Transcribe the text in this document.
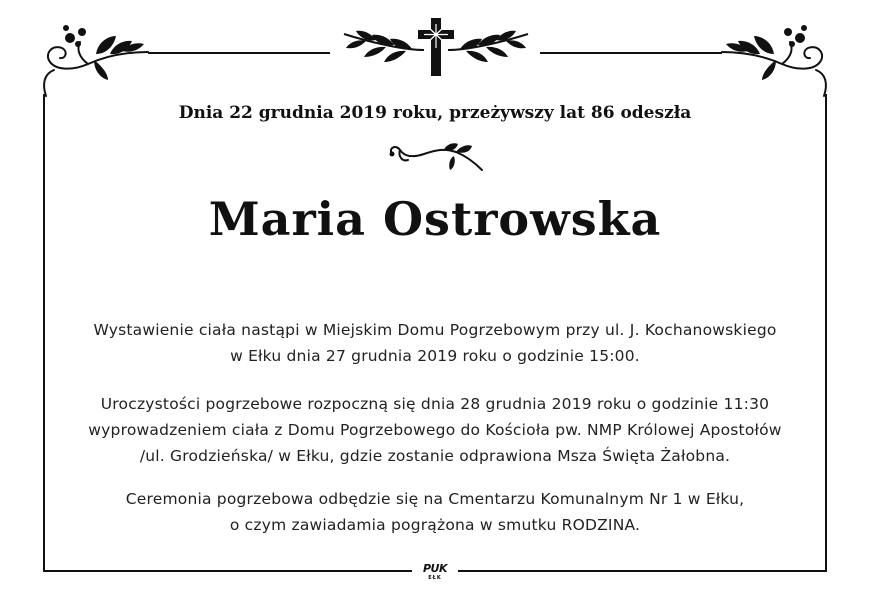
Dnia 22 grudnia 2019 roku, przeżywszy lat 86 odeszła
Maria Ostrowska
Wystawienie ciała nastąpi w Miejskim Domu Pogrzebowym przy ul. J. Kochanowskiego
w Ełku dnia 27 grudnia 2019 roku o godzinie 15:00.
Uroczystości pogrzebowe rozpoczną się dnia 28 grudnia 2019 roku o godzinie 11:30
wyprowadzeniem ciała z Domu Pogrzebowego do Kościoła pw. NMP Królowej Apostołów
/ul. Grodzieńska/ w Ełku, gdzie zostanie odprawiona Msza Święta Żałobna.
Ceremonia pogrzebowa odbędzie się na Cmentarzu Komunalnym Nr 1 w Ełku,
o czym zawiadamia pogrążona w smutku RODZINA.
PUK
EŁK
